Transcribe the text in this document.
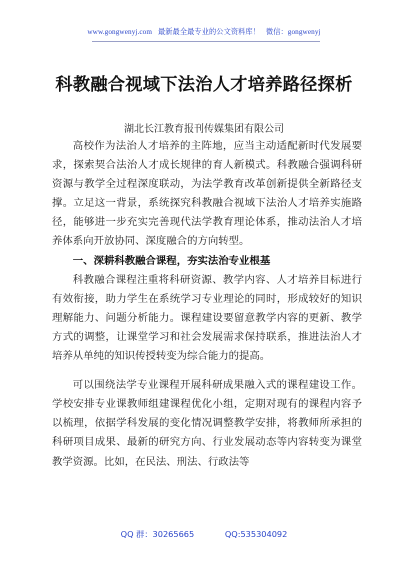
www.gongwenyj.com 最新最全最专业的公文资料库！ 微信：gongwenyj
科教融合视域下法治人才培养路径探析
湖北长江教育报刊传媒集团有限公司

高校作为法治人才培养的主阵地，应当主动适配新时代发展要求，探索契合法治人才成长规律的育人新模式。科教融合强调科研资源与教学全过程深度联动，为法学教育改革创新提供全新路径支撑。立足这一背景，系统探究科教融合视域下法治人才培养实施路径，能够进一步充实完善现代法学教育理论体系，推动法治人才培养体系向开放协同、深度融合的方向转型。

一、深耕科教融合课程，夯实法治专业根基

科教融合课程注重将科研资源、教学内容、人才培养目标进行有效衔接，助力学生在系统学习专业理论的同时，形成较好的知识理解能力、问题分析能力。课程建设要留意教学内容的更新、教学方式的调整，让课堂学习和社会发展需求保持联系，推进法治人才培养从单纯的知识传授转变为综合能力的提高。

可以围绕法学专业课程开展科研成果融入式的课程建设工作。学校安排专业课教师组建课程优化小组，定期对现有的课程内容予以梳理，依据学科发展的变化情况调整教学安排，将教师所承担的科研项目成果、最新的研究方向、行业发展动态等内容转变为课堂教学资源。比如，在民法、刑法、行政法等

QQ 群：30265665	QQ:535304092
